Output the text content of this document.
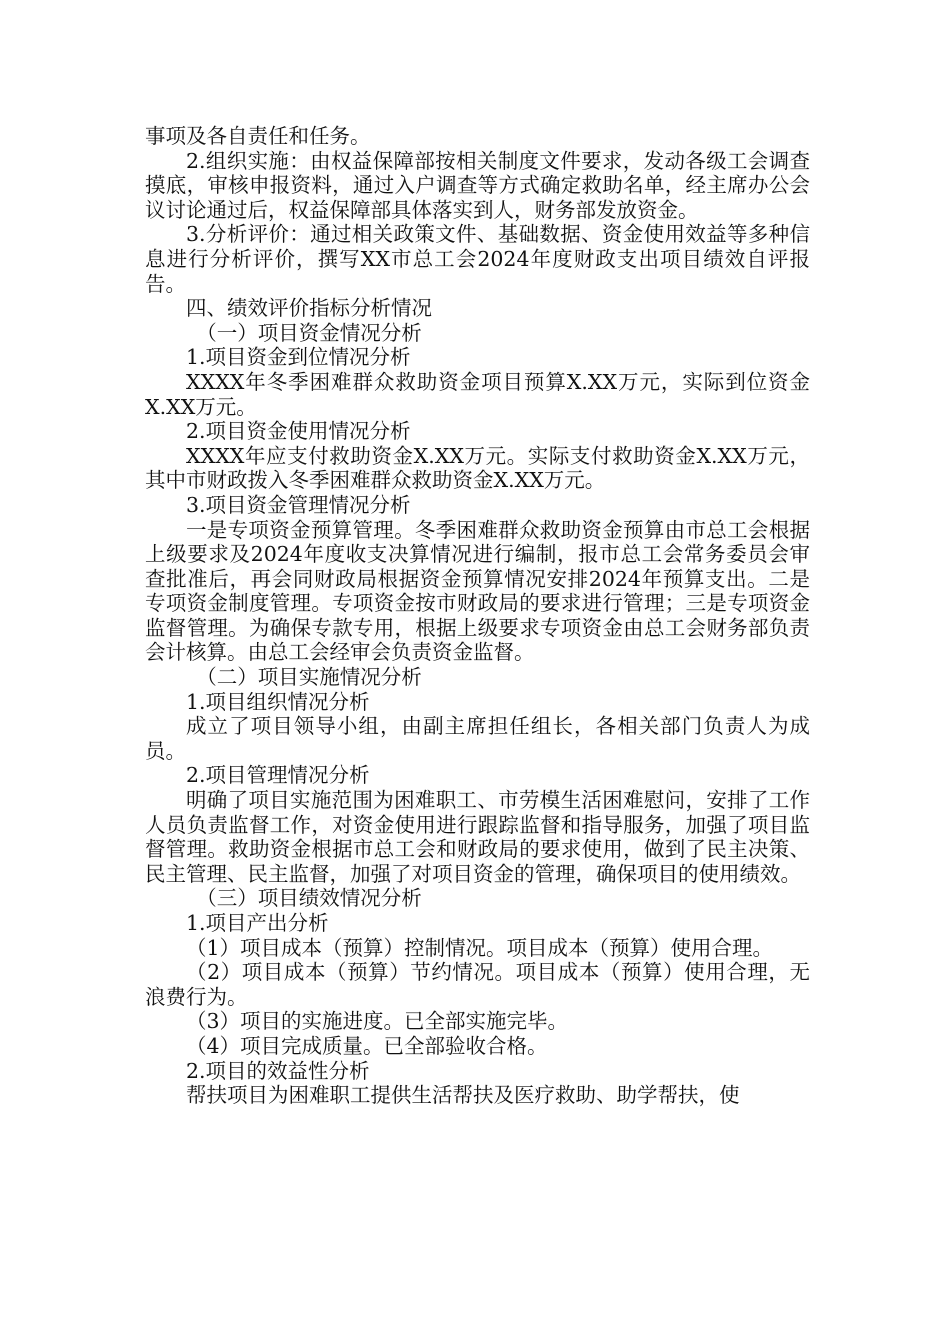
事项及各自责任和任务。

2.组织实施：由权益保障部按相关制度文件要求，发动各级工会调查摸底，审核申报资料，通过入户调查等方式确定救助名单，经主席办公会议讨论通过后，权益保障部具体落实到人，财务部发放资金。

3.分析评价：通过相关政策文件、基础数据、资金使用效益等多种信息进行分析评价，撰写XX市总工会2024年度财政支出项目绩效自评报告。

四、绩效评价指标分析情况

（一）项目资金情况分析

1.项目资金到位情况分析

XXXX年冬季困难群众救助资金项目预算X.XX万元，实际到位资金X.XX万元。

2.项目资金使用情况分析

XXXX年应支付救助资金X.XX万元。实际支付救助资金X.XX万元，其中市财政拨入冬季困难群众救助资金X.XX万元。

3.项目资金管理情况分析

一是专项资金预算管理。冬季困难群众救助资金预算由市总工会根据上级要求及2024年度收支决算情况进行编制，报市总工会常务委员会审查批准后，再会同财政局根据资金预算情况安排2024年预算支出。二是专项资金制度管理。专项资金按市财政局的要求进行管理；三是专项资金监督管理。为确保专款专用，根据上级要求专项资金由总工会财务部负责会计核算。由总工会经审会负责资金监督。

（二）项目实施情况分析

1.项目组织情况分析

成立了项目领导小组，由副主席担任组长，各相关部门负责人为成员。

2.项目管理情况分析

明确了项目实施范围为困难职工、市劳模生活困难慰问，安排了工作人员负责监督工作，对资金使用进行跟踪监督和指导服务，加强了项目监督管理。救助资金根据市总工会和财政局的要求使用，做到了民主决策、民主管理、民主监督，加强了对项目资金的管理，确保项目的使用绩效。

（三）项目绩效情况分析

1.项目产出分析

（1）项目成本（预算）控制情况。项目成本（预算）使用合理。

（2）项目成本（预算）节约情况。项目成本（预算）使用合理，无浪费行为。

（3）项目的实施进度。已全部实施完毕。

（4）项目完成质量。已全部验收合格。

2.项目的效益性分析

帮扶项目为困难职工提供生活帮扶及医疗救助、助学帮扶，使
